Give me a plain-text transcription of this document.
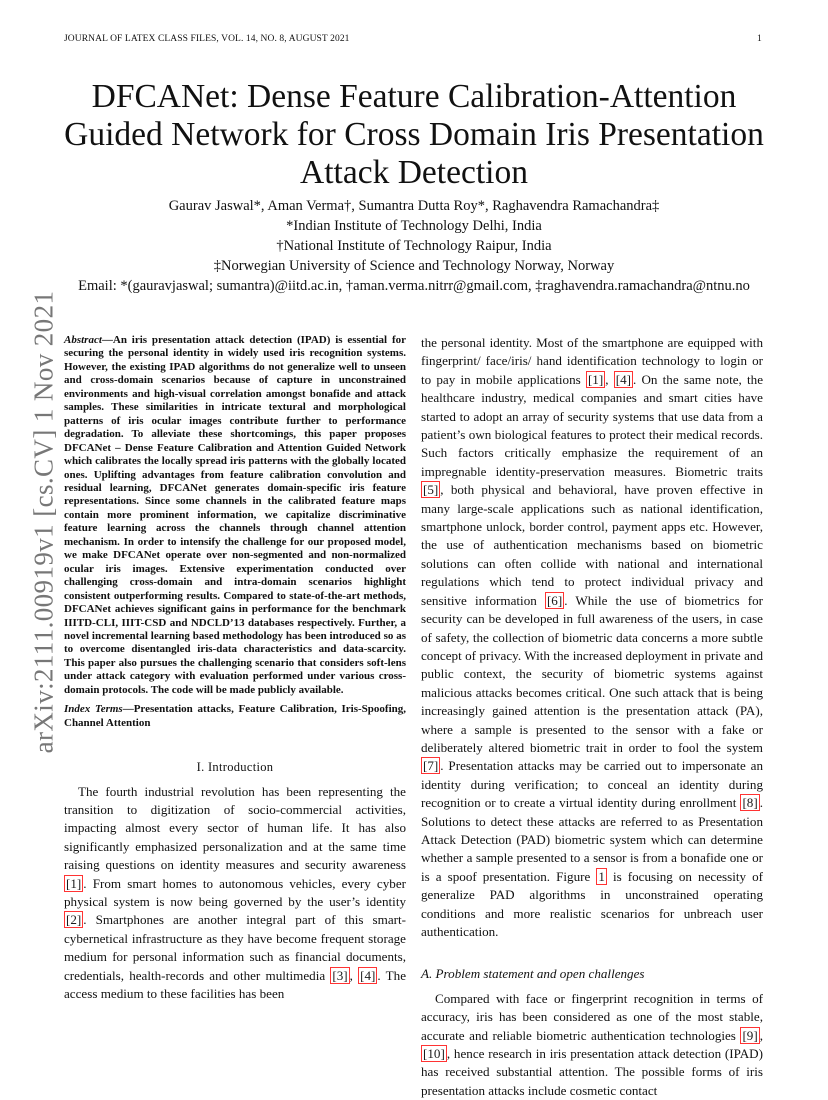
JOURNAL OF LATEX CLASS FILES, VOL. 14, NO. 8, AUGUST 2021	1
arXiv:2111.00919v1 [cs.CV] 1 Nov 2021
DFCANet: Dense Feature Calibration-Attention Guided Network for Cross Domain Iris Presentation Attack Detection
Gaurav Jaswal*, Aman Verma†, Sumantra Dutta Roy*, Raghavendra Ramachandra‡
*Indian Institute of Technology Delhi, India
†National Institute of Technology Raipur, India
‡Norwegian University of Science and Technology Norway, Norway
Email: *(gauravjaswal; sumantra)@iitd.ac.in, †aman.verma.nitrr@gmail.com, ‡raghavendra.ramachandra@ntnu.no
Abstract—An iris presentation attack detection (IPAD) is essential for securing the personal identity in widely used iris recognition systems. However, the existing IPAD algorithms do not generalize well to unseen and cross-domain scenarios because of capture in unconstrained environments and high-visual correlation amongst bonafide and attack samples. These similarities in intricate textural and morphological patterns of iris ocular images contribute further to performance degradation. To alleviate these shortcomings, this paper proposes DFCANet – Dense Feature Calibration and Attention Guided Network which calibrates the locally spread iris patterns with the globally located ones. Uplifting advantages from feature calibration convolution and residual learning, DFCANet generates domain-specific iris feature representations. Since some channels in the calibrated feature maps contain more prominent information, we capitalize discriminative feature learning across the channels through channel attention mechanism. In order to intensify the challenge for our proposed model, we make DFCANet operate over non-segmented and non-normalized ocular iris images. Extensive experimentation conducted over challenging cross-domain and intra-domain scenarios highlight consistent outperforming results. Compared to state-of-the-art methods, DFCANet achieves significant gains in performance for the benchmark IIITD-CLI, IIIT-CSD and NDCLD’13 databases respectively. Further, a novel incremental learning based methodology has been introduced so as to overcome disentangled iris-data characteristics and data-scarcity. This paper also pursues the challenging scenario that considers soft-lens under attack category with evaluation performed under various cross-domain protocols. The code will be made publicly available.
Index Terms—Presentation attacks, Feature Calibration, Iris-Spoofing, Channel Attention
I. Introduction

The fourth industrial revolution has been representing the transition to digitization of socio-commercial activities, impacting almost every sector of human life. It has also significantly emphasized personalization and at the same time raising questions on identity measures and security awareness [1] . From smart homes to autonomous vehicles, every cyber physical system is now being governed by the user’s identity [2] . Smartphones are another integral part of this smart-cybernetical infrastructure as they have become frequent storage medium for personal information such as financial documents, credentials, health-records and other multimedia [3] , [4] . The access medium to these facilities has been

the personal identity. Most of the smartphone are equipped with fingerprint/ face/iris/ hand identification technology to login or to pay in mobile applications [1] , [4] . On the same note, the healthcare industry, medical companies and smart cities have started to adopt an array of security systems that use data from a patient’s own biological features to protect their medical records. Such factors critically emphasize the requirement of an impregnable identity-preservation measures. Biometric traits [5] , both physical and behavioral, have proven effective in many large-scale applications such as national identification, smartphone unlock, border control, payment apps etc. However, the use of authentication mechanisms based on biometric solutions can often collide with national and international regulations which tend to protect individual privacy and sensitive information [6] . While the use of biometrics for security can be developed in full awareness of the users, in case of safety, the collection of biometric data concerns a more subtle concept of privacy. With the increased deployment in private and public context, the security of biometric systems against malicious attacks becomes critical. One such attack that is being increasingly gained attention is the presentation attack (PA), where a sample is presented to the sensor with a fake or deliberately altered biometric trait in order to fool the system [7] . Presentation attacks may be carried out to impersonate an identity during verification; to conceal an identity during recognition or to create a virtual identity during enrollment [8] . Solutions to detect these attacks are referred to as Presentation Attack Detection (PAD) biometric system which can determine whether a sample presented to a sensor is from a bonafide one or is a spoof presentation. Figure 1 is focusing on necessity of generalize PAD algorithms in unconstrained operating conditions and more realistic scenarios for unbreach user authentication.

A. Problem statement and open challenges

Compared with face or fingerprint recognition in terms of accuracy, iris has been considered as one of the most stable, accurate and reliable biometric authentication technologies [9] , [10] , hence research in iris presentation attack detection (IPAD) has received substantial attention. The possible forms of iris presentation attacks include cosmetic contact
